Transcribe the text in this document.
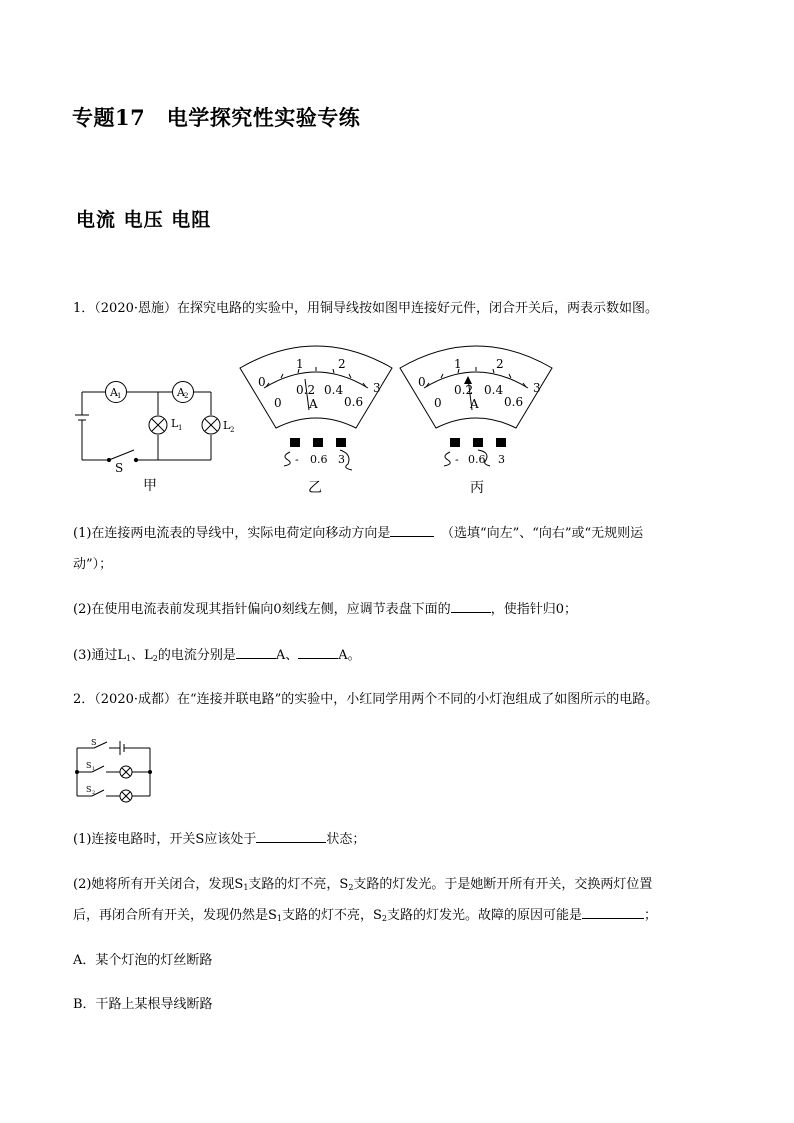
专题17　电学探究性实验专练
电流 电压 电阻
1．（2020·恩施）在探究电路的实验中，用铜导线按如图甲连接好元件，闭合开关后，两表示数如图。
A 1	A 2
L 1	L 2
S
甲
0
1	2
3
0
0.2 0.4
0.6
A
- 0.6 3
乙
0
1	2
3
0
0.2 0.4
0.6
A
- 0.6 3
丙
(1)在连接两电流表的导线中，实际电荷定向移动方向是　	（选填“向左”、“向右”或“无规则运
动”）；
(2)在使用电流表前发现其指针偏向0刻线左侧，应调节表盘下面的	，使指针归0；
(3)通过$L_1$、$L_2$的电流分别是	A、	A。
2．（2020·成都）在“连接并联电路”的实验中，小红同学用两个不同的小灯泡组成了如图所示的电路。
S
S 1
S 2
(1)连接电路时，开关S应该处于	状态；
(2)她将所有开关闭合，发现$S_1$支路的灯不亮，$S_2$支路的灯发光。于是她断开所有开关，交换两灯位置
后，再闭合所有开关，发现仍然是$S_1$支路的灯不亮，$S_2$支路的灯发光。故障的原因可能是	；
A．某个灯泡的灯丝断路
B．干路上某根导线断路
